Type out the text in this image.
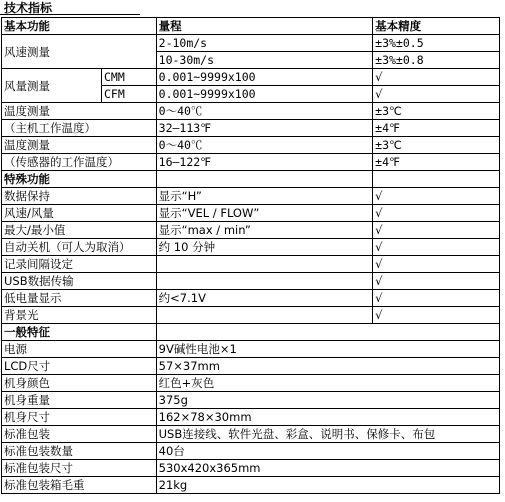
技术指标
基本功能		量程	基本精度
风速测量		2-10m/s	±3%±0.5
		10-30m/s	±3%±0.8
风量测量	CMM	0.001~9999x100	√
	CFM	0.001~9999x100	√
温度测量		0～40℃	±3℃
（主机工作温度）		32—113℉	±4℉
温度测量		0～40℃	±3℃
（传感器的工作温度）		16—122℉	±4℉
特殊功能			
数据保持		显示“H”	√
风速/风量		显示“VEL / FLOW”	√
最大/最小值		显示“max / min”	√
自动关机（可人为取消）		约 10 分钟	√
记录间隔设定			√
USB数据传输			√
低电量显示		约<7.1V	√
背景光			√
一般特征			
电源		9V碱性电池×1	
LCD尺寸		57×37mm	
机身颜色		红色+灰色	
机身重量		375g	
机身尺寸		162×78×30mm	
标准包装		USB连接线、软件光盘、彩盒、说明书、保修卡、布包	
标准包装数量		40台	
标准包装尺寸		530x420x365mm	
标准包装箱毛重		21kg	
